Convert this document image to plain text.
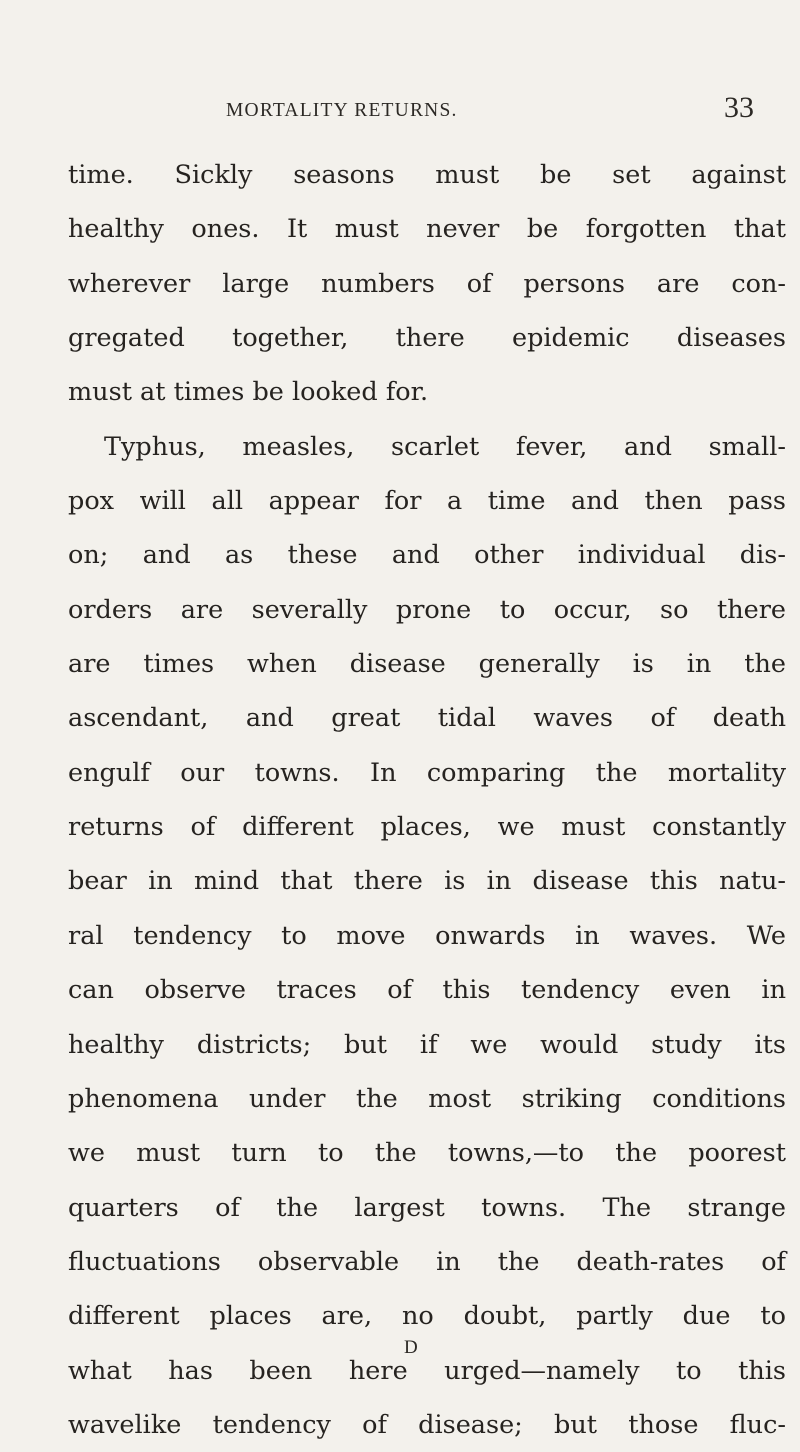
MORTALITY RETURNS.	33
time. Sickly seasons must be set against
healthy ones. It must never be forgotten that
wherever large numbers of persons are con-
gregated together, there epidemic diseases
must at times be looked for.
Typhus, measles, scarlet fever, and small-
pox will all appear for a time and then pass
on; and as these and other individual dis-
orders are severally prone to occur, so there
are times when disease generally is in the
ascendant, and great tidal waves of death
engulf our towns. In comparing the mortality
returns of different places, we must constantly
bear in mind that there is in disease this natu-
ral tendency to move onwards in waves. We
can observe traces of this tendency even in
healthy districts; but if we would study its
phenomena under the most striking conditions
we must turn to the towns,—to the poorest
quarters of the largest towns. The strange
fluctuations observable in the death-rates of
different places are, no doubt, partly due to
what has been here urged—namely to this
wavelike tendency of disease; but those fluc-
D
